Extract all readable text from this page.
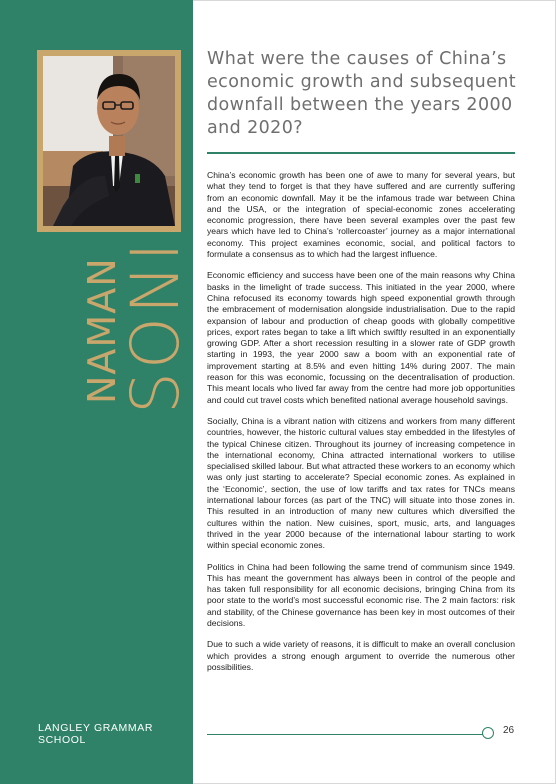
NAMAN
SONI
LANGLEY GRAMMAR SCHOOL
What were the causes of China’s economic growth and subsequent downfall between the years 2000 and 2020?

China’s economic growth has been one of awe to many for several years, but what they tend to forget is that they have suffered and are currently suffering from an economic downfall. May it be the infamous trade war between China and the USA, or the integration of special-economic zones accelerating economic progression, there have been several examples over the past few years which have led to China’s ‘rollercoaster’ journey as a major international economy. This project examines economic, social, and political factors to formulate a consensus as to which had the largest influence.

Economic efficiency and success have been one of the main reasons why China basks in the limelight of trade success. This initiated in the year 2000, where China refocused its economy towards high speed exponential growth through the embracement of modernisation alongside industrialisation. Due to the rapid expansion of labour and production of cheap goods with globally competitive prices, export rates began to take a lift which swiftly resulted in an exponentially growing GDP. After a short recession resulting in a slower rate of GDP growth starting in 1993, the year 2000 saw a boom with an exponential rate of improvement starting at 8.5% and even hitting 14% during 2007. The main reason for this was economic, focussing on the decentralisation of production. This meant locals who lived far away from the centre had more job opportunities and could cut travel costs which benefited national average household savings.

Socially, China is a vibrant nation with citizens and workers from many different countries, however, the historic cultural values stay embedded in the lifestyles of the typical Chinese citizen. Throughout its journey of increasing competence in the international economy, China attracted international workers to utilise specialised skilled labour. But what attracted these workers to an economy which was only just starting to accelerate? Special economic zones. As explained in the ‘Economic’, section, the use of low tariffs and tax rates for TNCs means international labour forces (as part of the TNC) will situate into those zones in. This resulted in an introduction of many new cultures which diversified the cultures within the nation. New cuisines, sport, music, arts, and languages thrived in the year 2000 because of the international labour starting to work within special economic zones.

Politics in China had been following the same trend of communism since 1949. This has meant the government has always been in control of the people and has taken full responsibility for all economic decisions, bringing China from its poor state to the world’s most successful economic rise. The 2 main factors: risk and stability, of the Chinese governance has been key in most outcomes of their decisions.

Due to such a wide variety of reasons, it is difficult to make an overall conclusion which provides a strong enough argument to override the numerous other possibilities.

26
